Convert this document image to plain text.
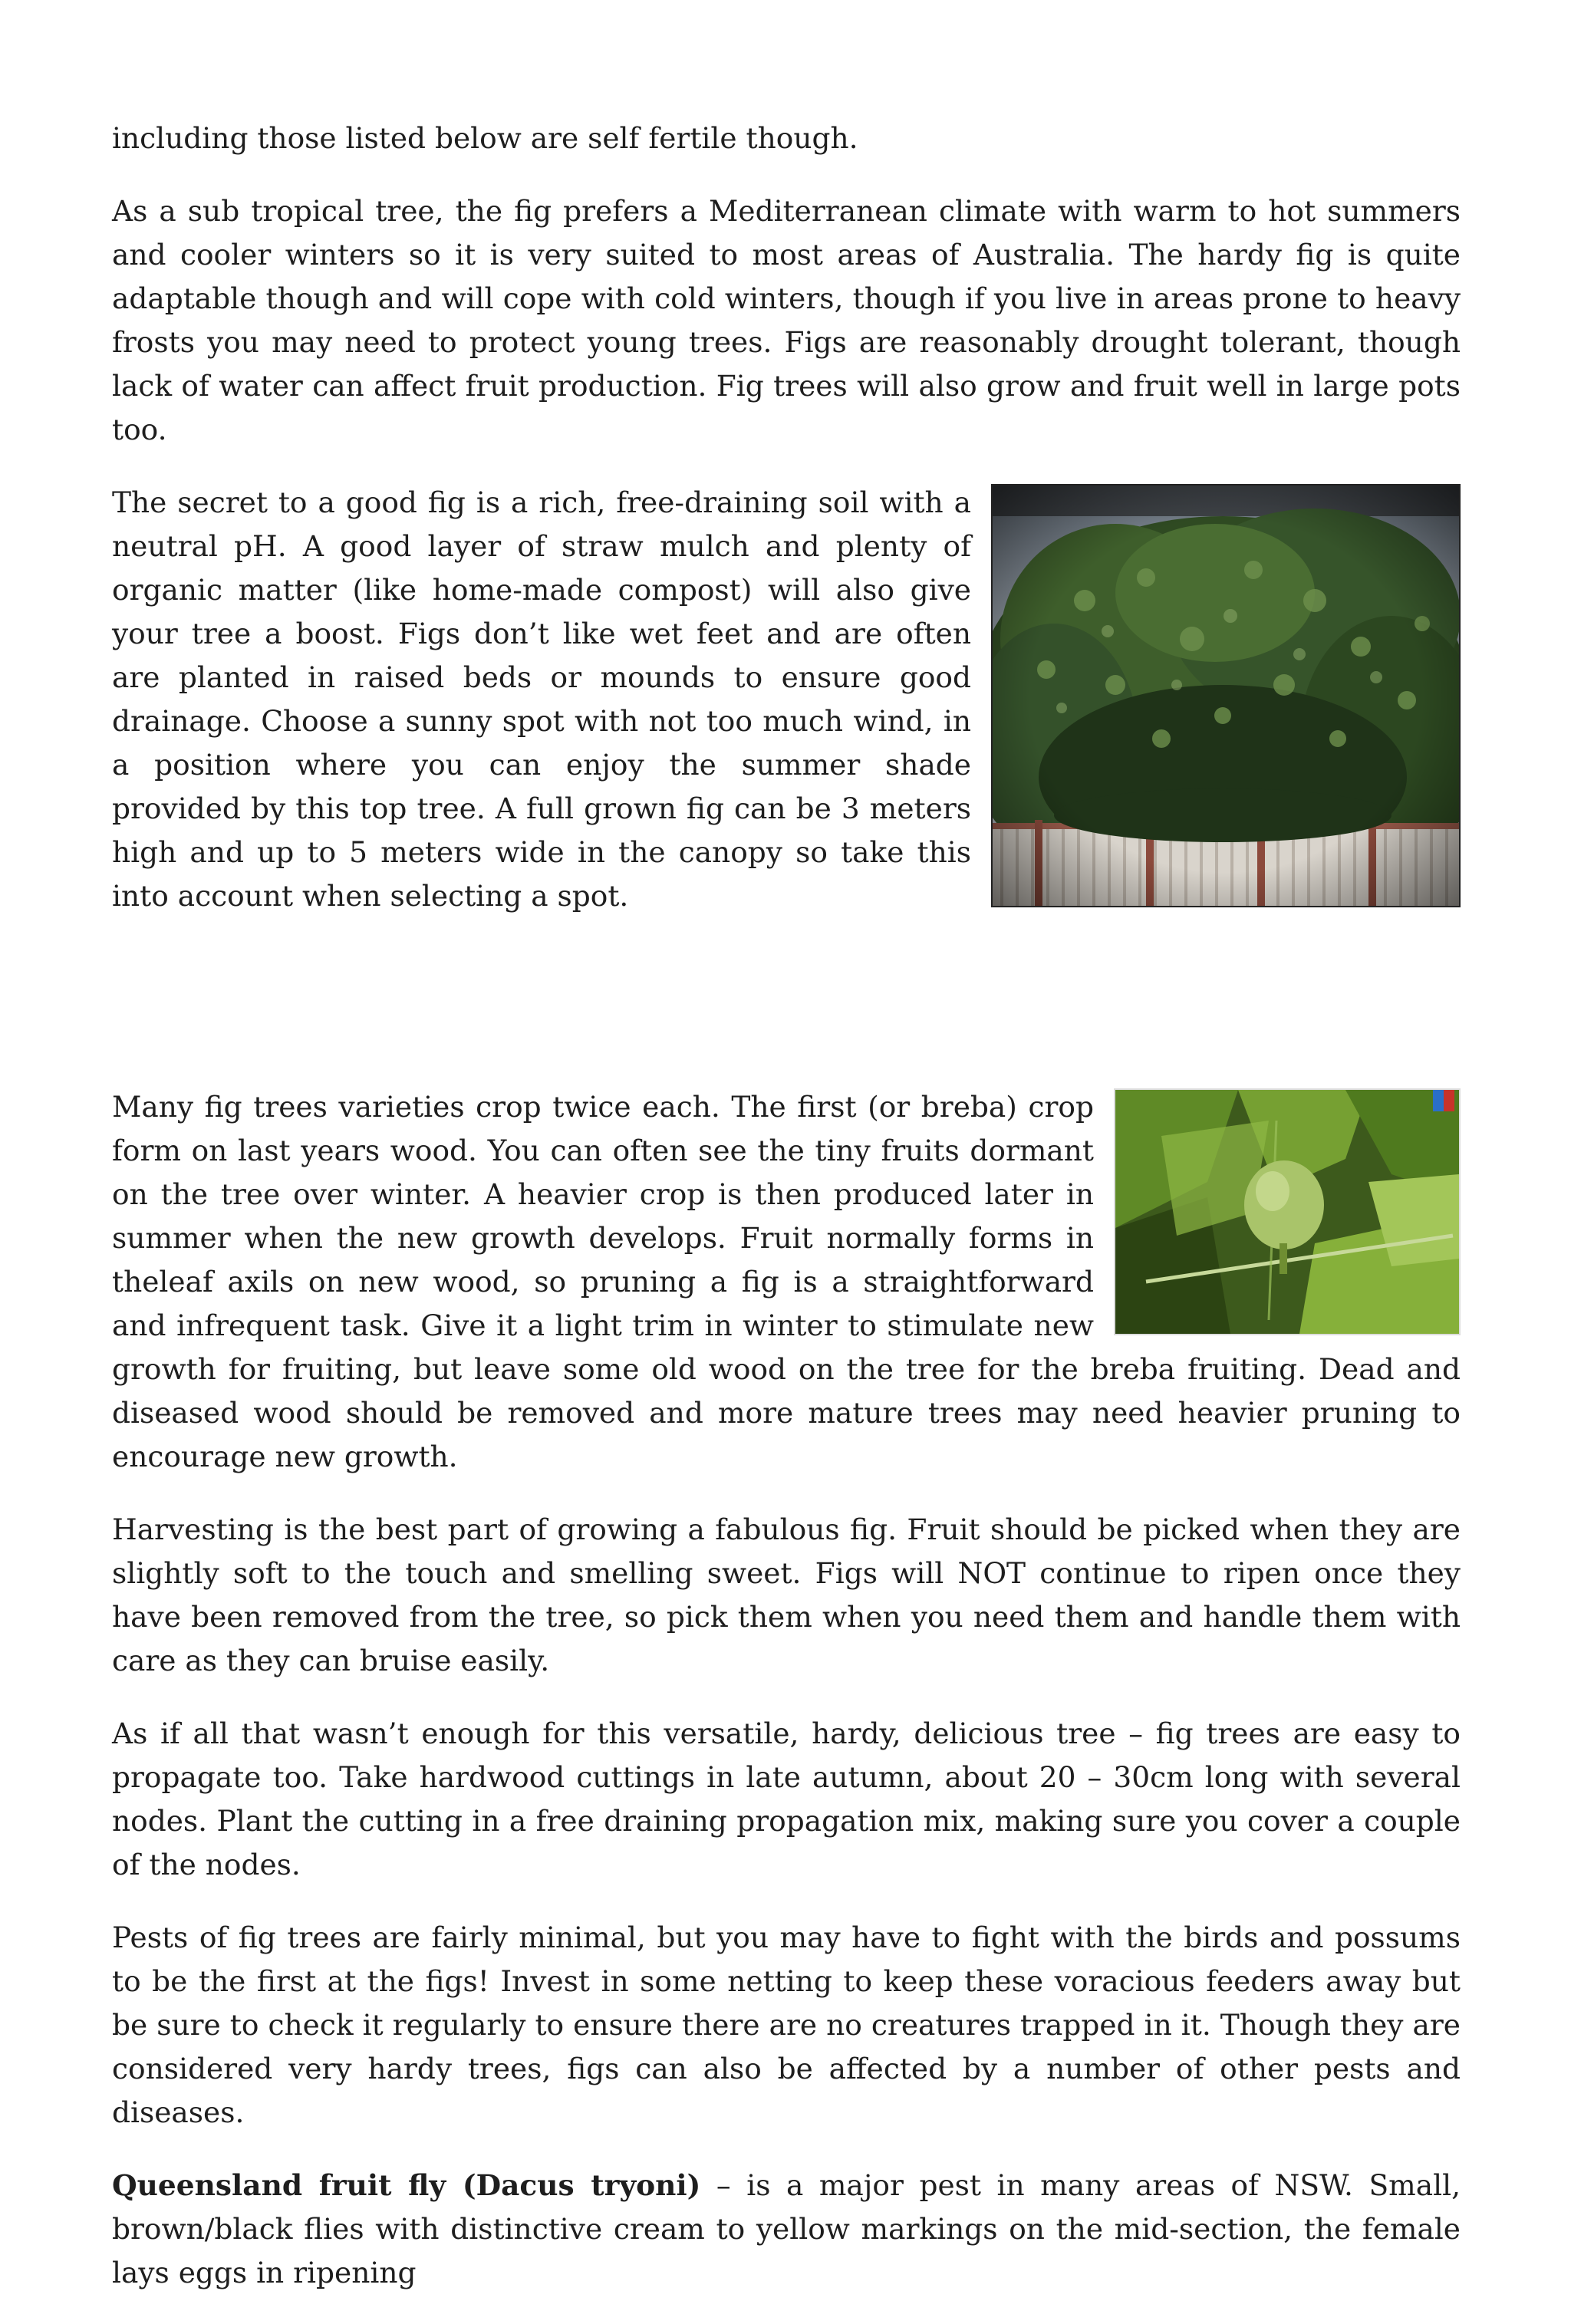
including those listed below are self fertile though.

As a sub tropical tree, the fig prefers a Mediterranean climate with warm to hot summers and cooler winters so it is very suited to most areas of Australia. The hardy fig is quite adaptable though and will cope with cold winters, though if you live in areas prone to heavy frosts you may need to protect young trees. Figs are reasonably drought tolerant, though lack of water can affect fruit production. Fig trees will also grow and fruit well in large pots too.

The secret to a good fig is a rich, free-draining soil with a neutral pH. A good layer of straw mulch and plenty of organic matter (like home-made compost) will also give your tree a boost. Figs don’t like wet feet and are often are planted in raised beds or mounds to ensure good drainage. Choose a sunny spot with not too much wind, in a position where you can enjoy the summer shade provided by this top tree. A full grown fig can be 3 meters high and up to 5 meters wide in the canopy so take this into account when selecting a spot.

Many fig trees varieties crop twice each. The first (or breba) crop form on last years wood. You can often see the tiny fruits dormant on the tree over winter. A heavier crop is then produced later in summer when the new growth develops. Fruit normally forms in theleaf axils on new wood, so pruning a fig is a straightforward and infrequent task. Give it a light trim in winter to stimulate new growth for fruiting, but leave some old wood on the tree for the breba fruiting. Dead and diseased wood should be removed and more mature trees may need heavier pruning to encourage new growth.

Harvesting is the best part of growing a fabulous fig. Fruit should be picked when they are slightly soft to the touch and smelling sweet. Figs will NOT continue to ripen once they have been removed from the tree, so pick them when you need them and handle them with care as they can bruise easily.

As if all that wasn’t enough for this versatile, hardy, delicious tree – fig trees are easy to propagate too. Take hardwood cuttings in late autumn, about 20 – 30cm long with several nodes. Plant the cutting in a free draining propagation mix, making sure you cover a couple of the nodes.

Pests of fig trees are fairly minimal, but you may have to fight with the birds and possums to be the first at the figs! Invest in some netting to keep these voracious feeders away but be sure to check it regularly to ensure there are no creatures trapped in it. Though they are considered very hardy trees, figs can also be affected by a number of other pests and diseases.

Queensland fruit fly (Dacus tryoni) – is a major pest in many areas of NSW. Small, brown/black flies with distinctive cream to yellow markings on the mid-section, the female lays eggs in ripening
